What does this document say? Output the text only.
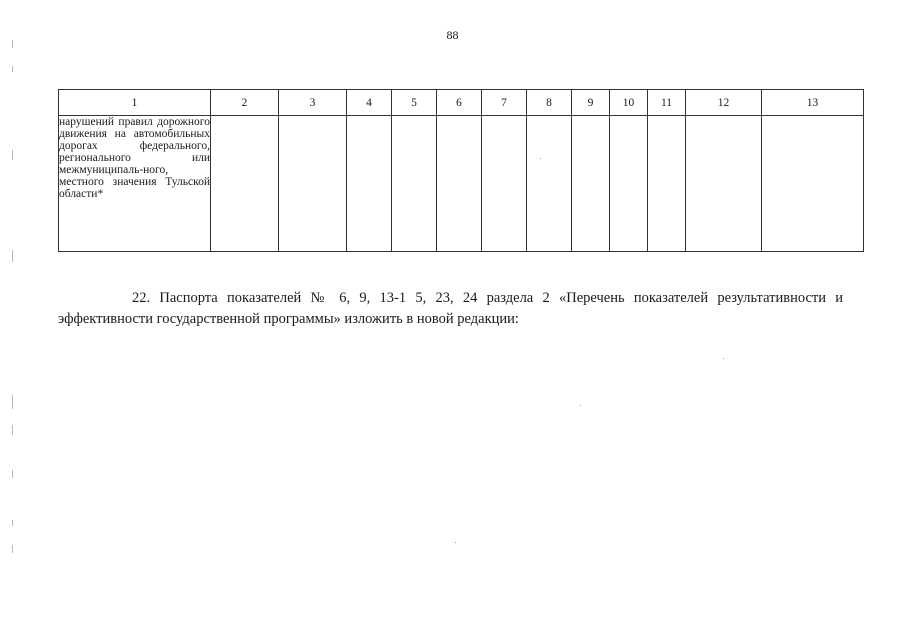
88
1	2	3	4	5	6	7	8	9	10	11	12	13
нарушений правил дорожного движения на автомобильных дорогах федерального, регионального или межмуниципаль-ного, местного значения Тульской области*												

22. Паспорта показателей № 6, 9, 13-1 5, 23, 24 раздела 2 «Перечень показателей результативности и эффективности государственной программы» изложить в новой редакции:
